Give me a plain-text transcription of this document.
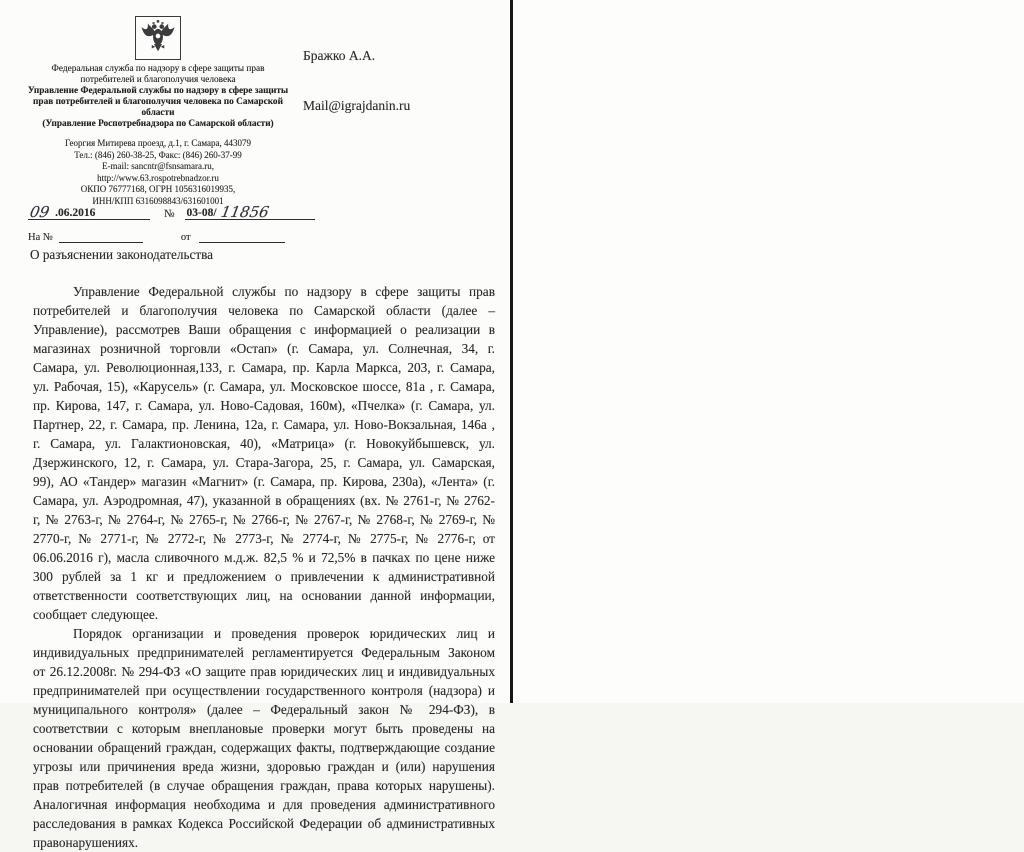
Федеральная служба по надзору в сфере защиты прав потребителей и благополучия человека
Управление Федеральной службы по надзору в сфере защиты прав потребителей и благополучия человека по Самарской области
(Управление Роспотребнадзора по Самарской области)
Георгия Митирева проезд, д.1, г. Самара, 443079
Тел.: (846) 260-38-25, Факс: (846) 260-37-99
E-mail: sancntr@fsnsamara.ru,
http://www.63.rospotrebnadzor.ru
ОКПО 76777168, ОГРН 1056316019935,
ИНН/КПП 6316098843/631601001
09 .06.2016	№ 03-08/ 11856
На №	от
Бражко А.А.
Mail@igrajdanin.ru
О разъяснении законодательства

Управление Федеральной службы по надзору в сфере защиты прав потребителей и благополучия человека по Самарской области (далее – Управление), рассмотрев Ваши обращения с информацией о реализации в магазинах розничной торговли «Остап» (г. Самара, ул. Солнечная, 34, г. Самара, ул. Революционная,133, г. Самара, пр. Карла Маркса, 203, г. Самара, ул. Рабочая, 15), «Карусель» (г. Самара, ул. Московское шоссе, 81а , г. Самара, пр. Кирова, 147, г. Самара, ул. Ново-Садовая, 160м), «Пчелка» (г. Самара, ул. Партнер, 22, г. Самара, пр. Ленина, 12а, г. Самара, ул. Ново-Вокзальная, 146а , г. Самара, ул. Галактионовская, 40), «Матрица» (г. Новокуйбышевск, ул. Дзержинского, 12, г. Самара, ул. Стара-Загора, 25, г. Самара, ул. Самарская, 99), АО «Тандер» магазин «Магнит» (г. Самара, пр. Кирова, 230а), «Лента» (г. Самара, ул. Аэродромная, 47), указанной в обращениях (вх. № 2761-г, № 2762-г, № 2763-г, № 2764-г, № 2765-г, № 2766-г, № 2767-г, № 2768-г, № 2769-г, № 2770-г, № 2771-г, № 2772-г, № 2773-г, № 2774-г, № 2775-г, № 2776-г, от 06.06.2016 г), масла сливочного м.д.ж. 82,5 % и 72,5% в пачках по цене ниже 300 рублей за 1 кг и предложением о привлечении к административной ответственности соответствующих лиц, на основании данной информации, сообщает следующее.

Порядок организации и проведения проверок юридических лиц и индивидуальных предпринимателей регламентируется Федеральным Законом от 26.12.2008г. № 294-ФЗ «О защите прав юридических лиц и индивидуальных предпринимателей при осуществлении государственного контроля (надзора) и муниципального контроля» (далее – Федеральный закон № 294-ФЗ), в соответствии с которым внеплановые проверки могут быть проведены на основании обращений граждан, содержащих факты, подтверждающие создание угрозы или причинения вреда жизни, здоровью граждан и (или) нарушения прав потребителей (в случае обращения граждан, права которых нарушены). Аналогичная информация необходима и для проведения административного расследования в рамках Кодекса Российской Федерации об административных правонарушениях.
